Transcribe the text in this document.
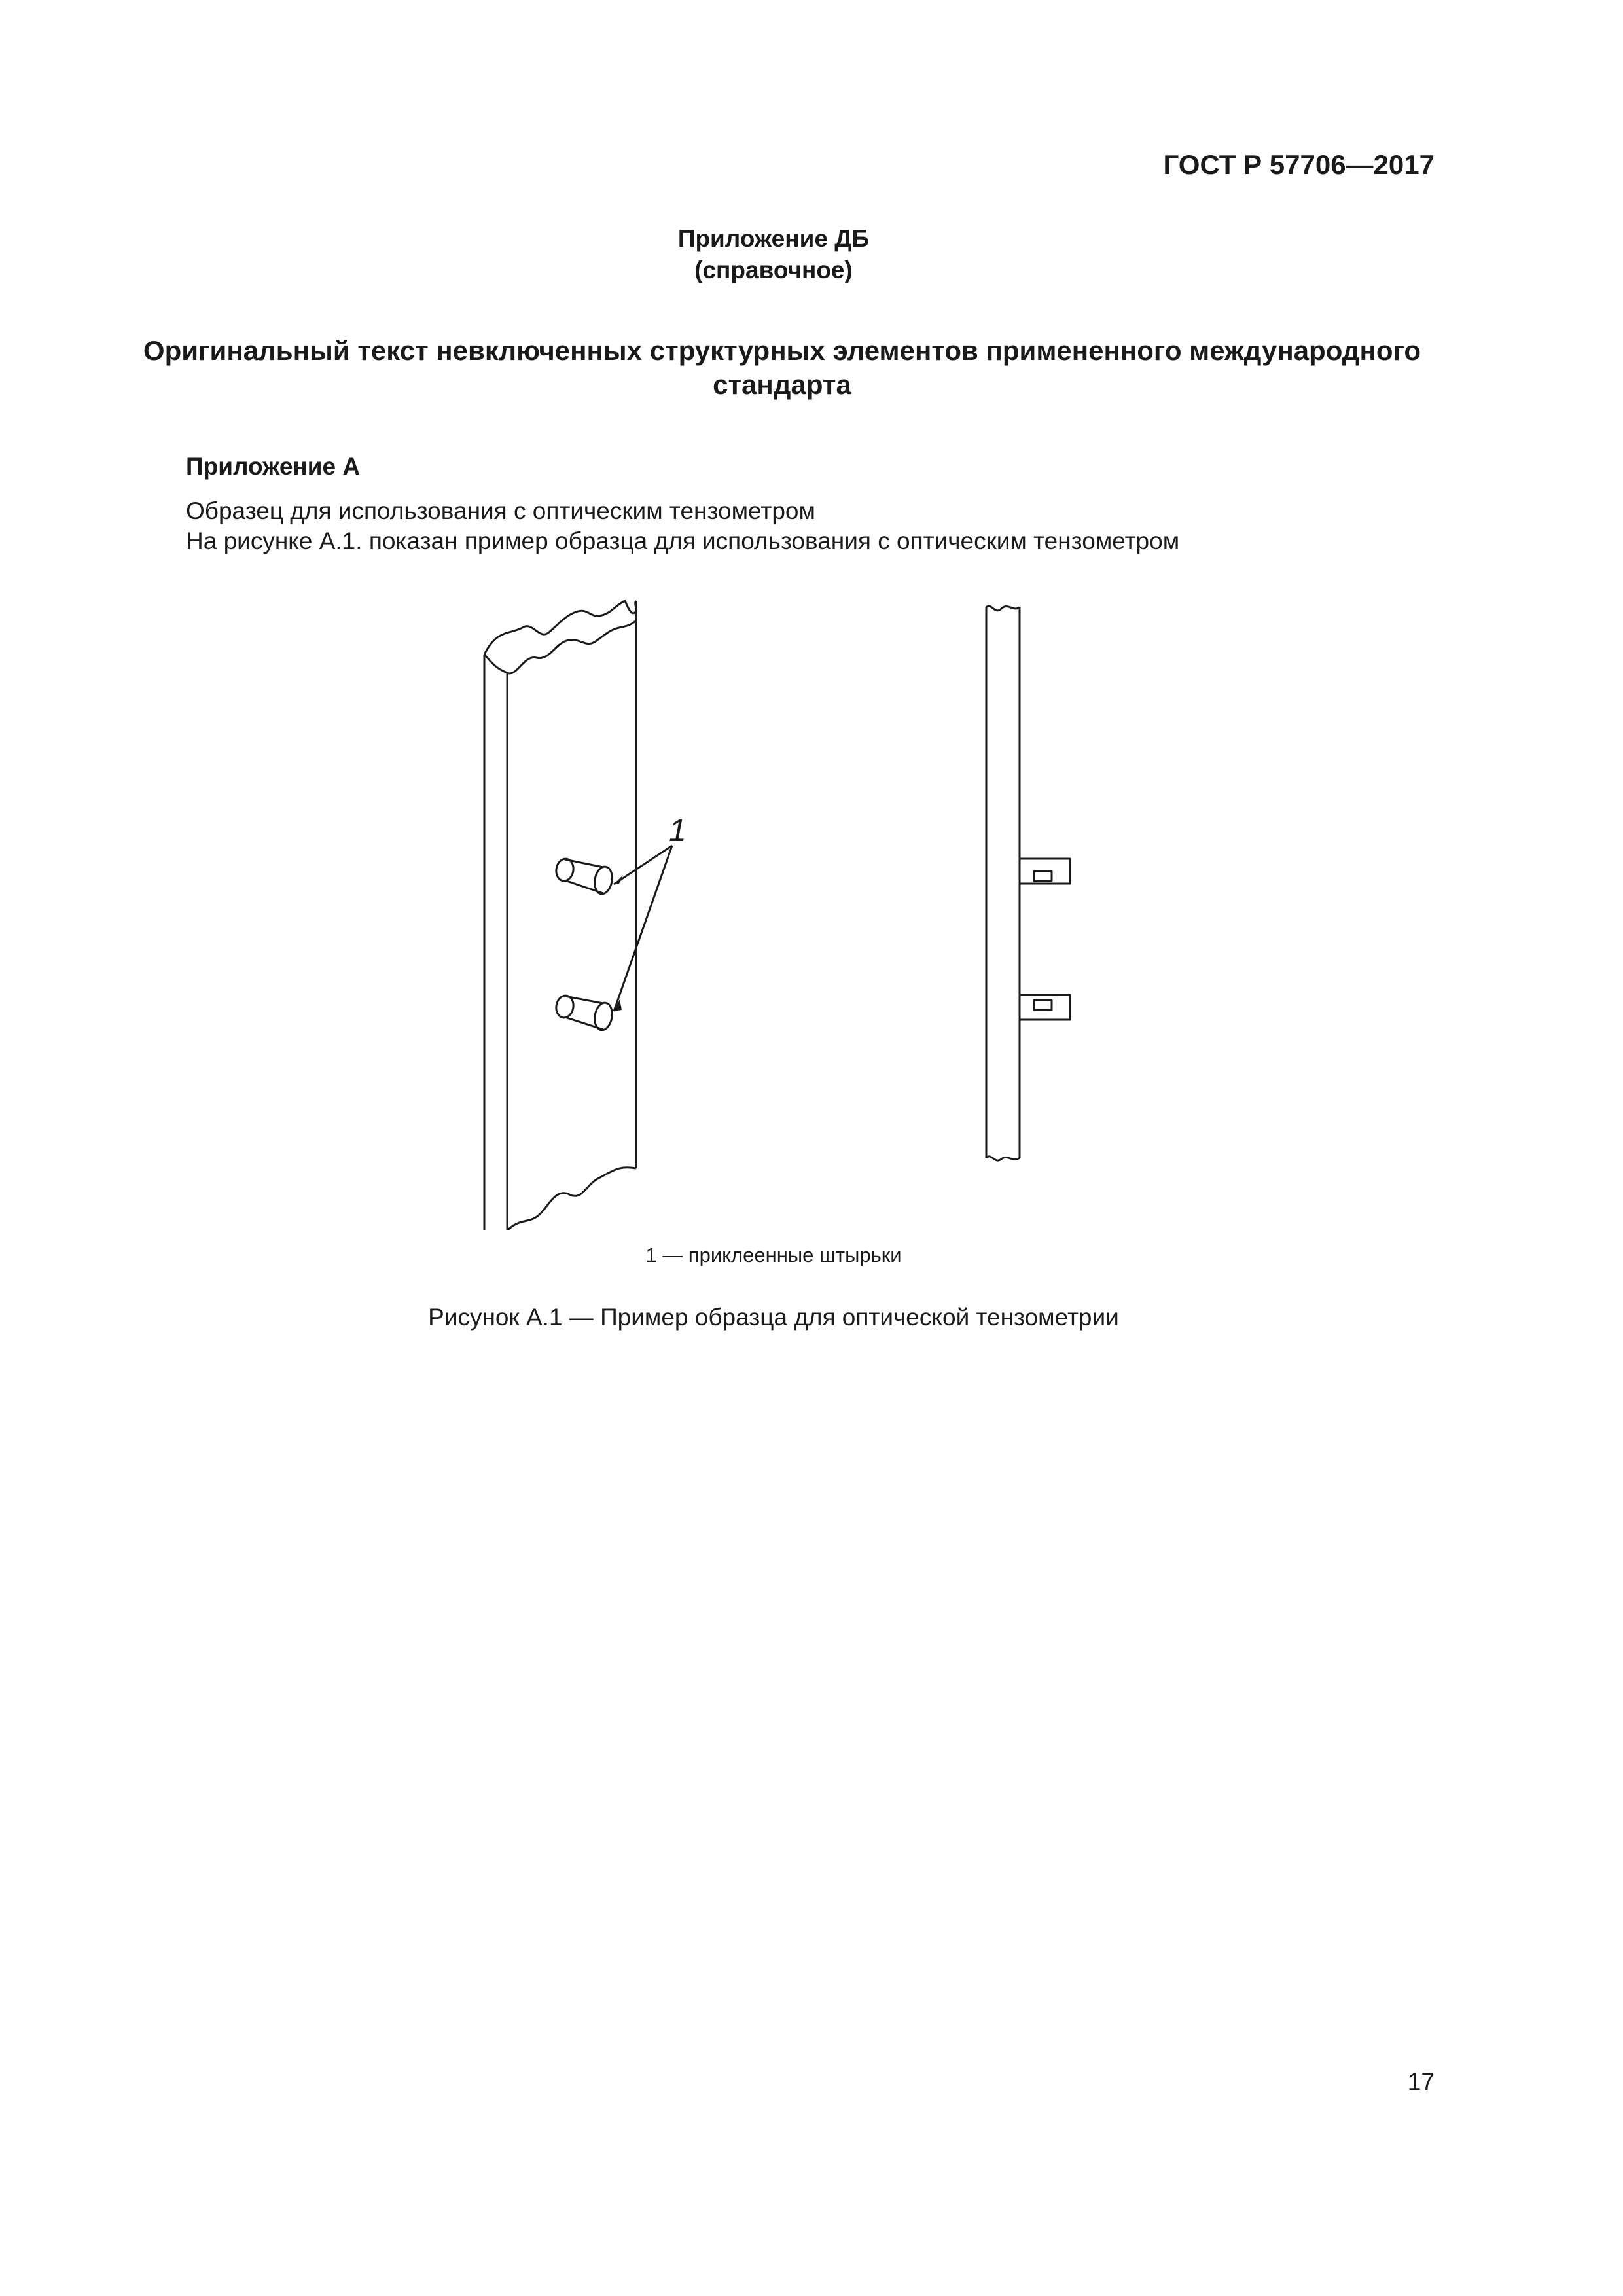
ГОСТ Р 57706—2017
Приложение ДБ
(справочное)
Оригинальный текст невключенных структурных элементов примененного международного стандарта
Приложение А
Образец для использования с оптическим тензометром
На рисунке А.1. показан пример образца для использования с оптическим тензометром
1
1 — приклеенные штырьки
Рисунок А.1 — Пример образца для оптической тензометрии
17
